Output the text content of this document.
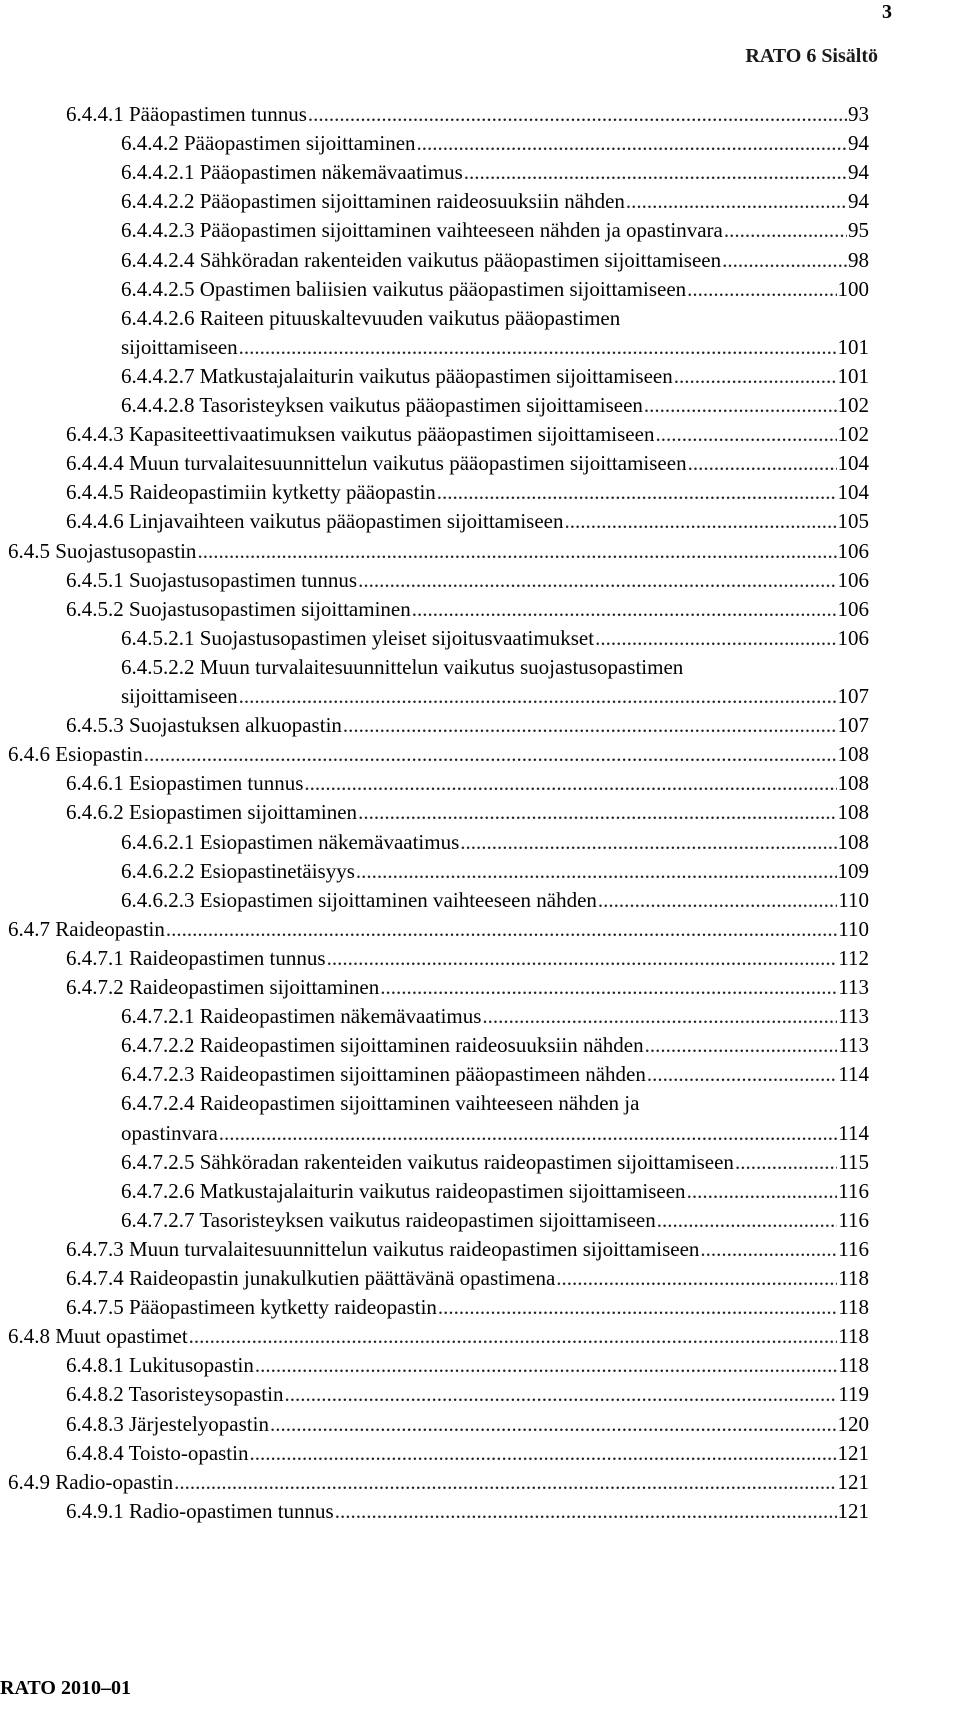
3
RATO 6 Sisältö
6.4.4.1 Pääopastimen tunnus .....	93
6.4.4.2 Pääopastimen sijoittaminen .....	94
6.4.4.2.1 Pääopastimen näkemävaatimus .....	94
6.4.4.2.2 Pääopastimen sijoittaminen raideosuuksiin nähden .....	94
6.4.4.2.3 Pääopastimen sijoittaminen vaihteeseen nähden ja opastinvara .....	95
6.4.4.2.4 Sähköradan rakenteiden vaikutus pääopastimen sijoittamiseen .....	98
6.4.4.2.5 Opastimen baliisien vaikutus pääopastimen sijoittamiseen .....	100
6.4.4.2.6 Raiteen pituuskaltevuuden vaikutus pääopastimen
sijoittamiseen .....	101
6.4.4.2.7 Matkustajalaiturin vaikutus pääopastimen sijoittamiseen .....	101
6.4.4.2.8 Tasoristeyksen vaikutus pääopastimen sijoittamiseen .....	102
6.4.4.3 Kapasiteettivaatimuksen vaikutus pääopastimen sijoittamiseen .....	102
6.4.4.4 Muun turvalaitesuunnittelun vaikutus pääopastimen sijoittamiseen .....	104
6.4.4.5 Raideopastimiin kytketty pääopastin .....	104
6.4.4.6 Linjavaihteen vaikutus pääopastimen sijoittamiseen .....	105
6.4.5 Suojastusopastin .....	106
6.4.5.1 Suojastusopastimen tunnus .....	106
6.4.5.2 Suojastusopastimen sijoittaminen .....	106
6.4.5.2.1 Suojastusopastimen yleiset sijoitusvaatimukset .....	106
6.4.5.2.2 Muun turvalaitesuunnittelun vaikutus suojastusopastimen
sijoittamiseen .....	107
6.4.5.3 Suojastuksen alkuopastin .....	107
6.4.6 Esiopastin .....	108
6.4.6.1 Esiopastimen tunnus .....	108
6.4.6.2 Esiopastimen sijoittaminen .....	108
6.4.6.2.1 Esiopastimen näkemävaatimus .....	108
6.4.6.2.2 Esiopastinetäisyys .....	109
6.4.6.2.3 Esiopastimen sijoittaminen vaihteeseen nähden .....	110
6.4.7 Raideopastin .....	110
6.4.7.1 Raideopastimen tunnus .....	112
6.4.7.2 Raideopastimen sijoittaminen .....	113
6.4.7.2.1 Raideopastimen näkemävaatimus .....	113
6.4.7.2.2 Raideopastimen sijoittaminen raideosuuksiin nähden .....	113
6.4.7.2.3 Raideopastimen sijoittaminen pääopastimeen nähden .....	114
6.4.7.2.4 Raideopastimen sijoittaminen vaihteeseen nähden ja
opastinvara .....	114
6.4.7.2.5 Sähköradan rakenteiden vaikutus raideopastimen sijoittamiseen .....	115
6.4.7.2.6 Matkustajalaiturin vaikutus raideopastimen sijoittamiseen .....	116
6.4.7.2.7 Tasoristeyksen vaikutus raideopastimen sijoittamiseen .....	116
6.4.7.3 Muun turvalaitesuunnittelun vaikutus raideopastimen sijoittamiseen .....	116
6.4.7.4 Raideopastin junakulkutien päättävänä opastimena .....	118
6.4.7.5 Pääopastimeen kytketty raideopastin .....	118
6.4.8 Muut opastimet .....	118
6.4.8.1 Lukitusopastin .....	118
6.4.8.2 Tasoristeysopastin .....	119
6.4.8.3 Järjestelyopastin .....	120
6.4.8.4 Toisto-opastin .....	121
6.4.9 Radio-opastin .....	121
6.4.9.1 Radio-opastimen tunnus .....	121
RATO 2010–01
